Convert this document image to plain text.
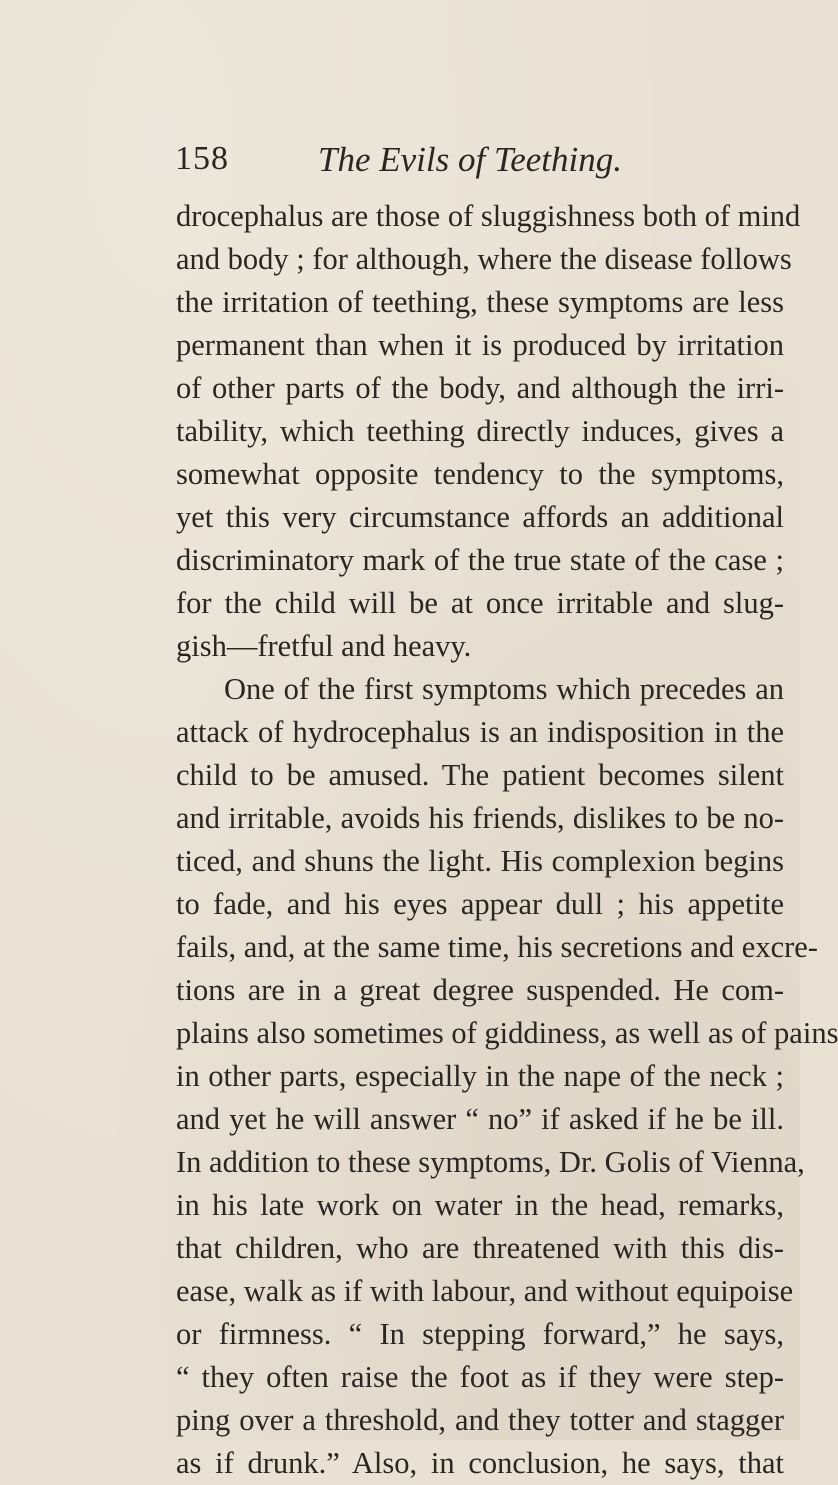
158	The Evils of Teething.
drocephalus are those of sluggishness both of mind
and body ; for although, where the disease follows
the irritation of teething, these symptoms are less
permanent than when it is produced by irritation
of other parts of the body, and although the irri-
tability, which teething directly induces, gives a
somewhat opposite tendency to the symptoms,
yet this very circumstance affords an additional
discriminatory mark of the true state of the case ;
for the child will be at once irritable and slug-
gish—fretful and heavy.
One of the first symptoms which precedes an
attack of hydrocephalus is an indisposition in the
child to be amused. The patient becomes silent
and irritable, avoids his friends, dislikes to be no-
ticed, and shuns the light. His complexion begins
to fade, and his eyes appear dull ; his appetite
fails, and, at the same time, his secretions and excre-
tions are in a great degree suspended. He com-
plains also sometimes of giddiness, as well as of pains
in other parts, especially in the nape of the neck ;
and yet he will answer “ no” if asked if he be ill.
In addition to these symptoms, Dr. Golis of Vienna,
in his late work on water in the head, remarks,
that children, who are threatened with this dis-
ease, walk as if with labour, and without equipoise
or firmness. “ In stepping forward,” he says,
“ they often raise the foot as if they were step-
ping over a threshold, and they totter and stagger
as if drunk.” Also, in conclusion, he says, that
